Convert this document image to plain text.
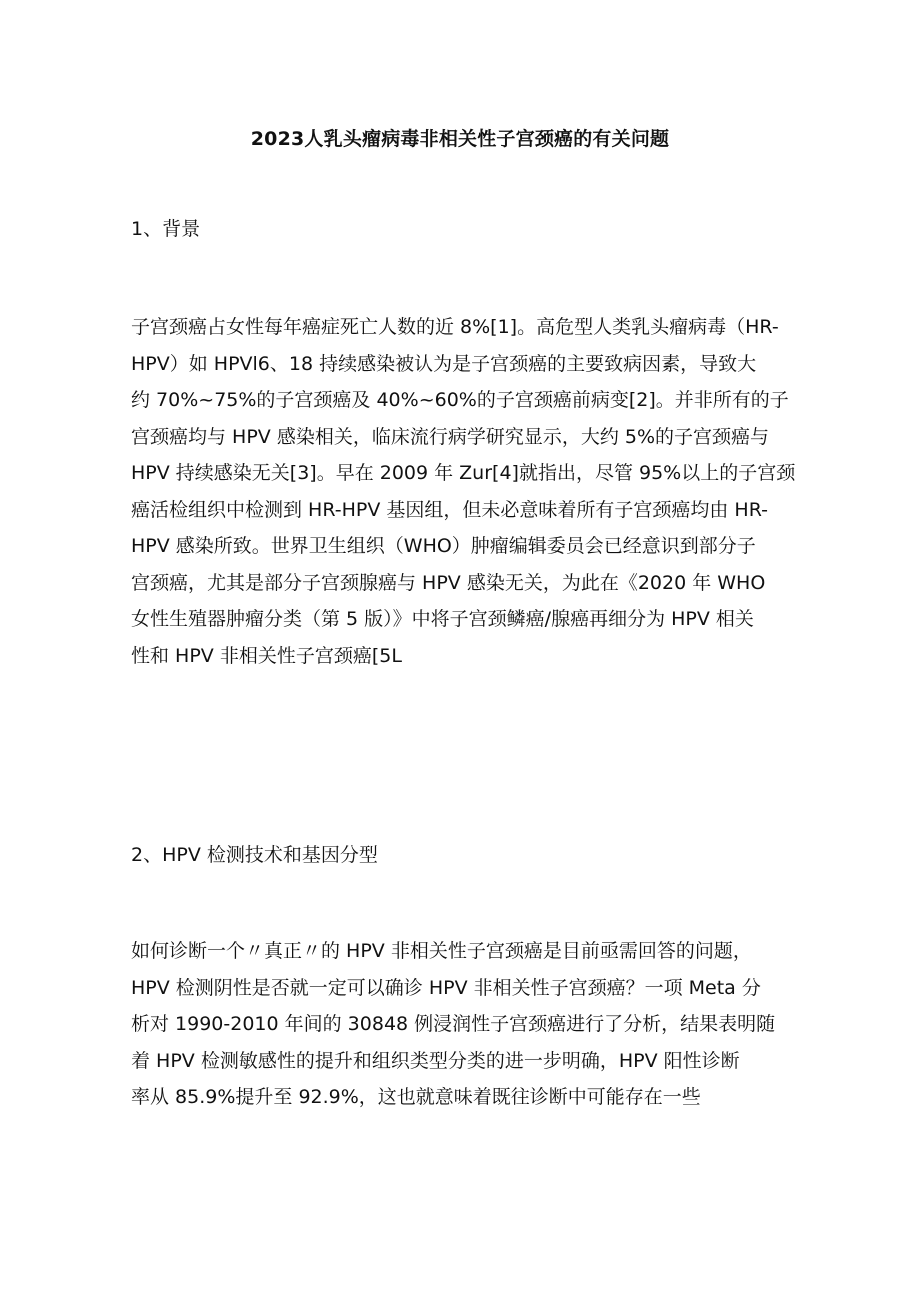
2023人乳头瘤病毒非相关性子宫颈癌的有关问题
1、背景
子宫颈癌占女性每年癌症死亡人数的近 8%[1]。高危型人类乳头瘤病毒（HR-
HPV）如 HPVl6、18 持续感染被认为是子宫颈癌的主要致病因素，导致大
约 70%~75%的子宫颈癌及 40%~60%的子宫颈癌前病变[2]。并非所有的子
宫颈癌均与 HPV 感染相关，临床流行病学研究显示，大约 5%的子宫颈癌与
HPV 持续感染无关[3]。早在 2009 年 Zur[4]就指出，尽管 95%以上的子宫颈
癌活检组织中检测到 HR-HPV 基因组，但未必意味着所有子宫颈癌均由 HR-
HPV 感染所致。世界卫生组织（WHO）肿瘤编辑委员会已经意识到部分子
宫颈癌，尤其是部分子宫颈腺癌与 HPV 感染无关，为此在《2020 年 WHO
女性生殖器肿瘤分类（第 5 版）》中将子宫颈鳞癌/腺癌再细分为 HPV 相关
性和 HPV 非相关性子宫颈癌[5L
2、HPV 检测技术和基因分型
如何诊断一个〃真正〃的 HPV 非相关性子宫颈癌是目前亟需回答的问题，
HPV 检测阴性是否就一定可以确诊 HPV 非相关性子宫颈癌？一项 Meta 分
析对 1990-2010 年间的 30848 例浸润性子宫颈癌进行了分析，结果表明随
着 HPV 检测敏感性的提升和组织类型分类的进一步明确，HPV 阳性诊断
率从 85.9%提升至 92.9%，这也就意味着既往诊断中可能存在一些
